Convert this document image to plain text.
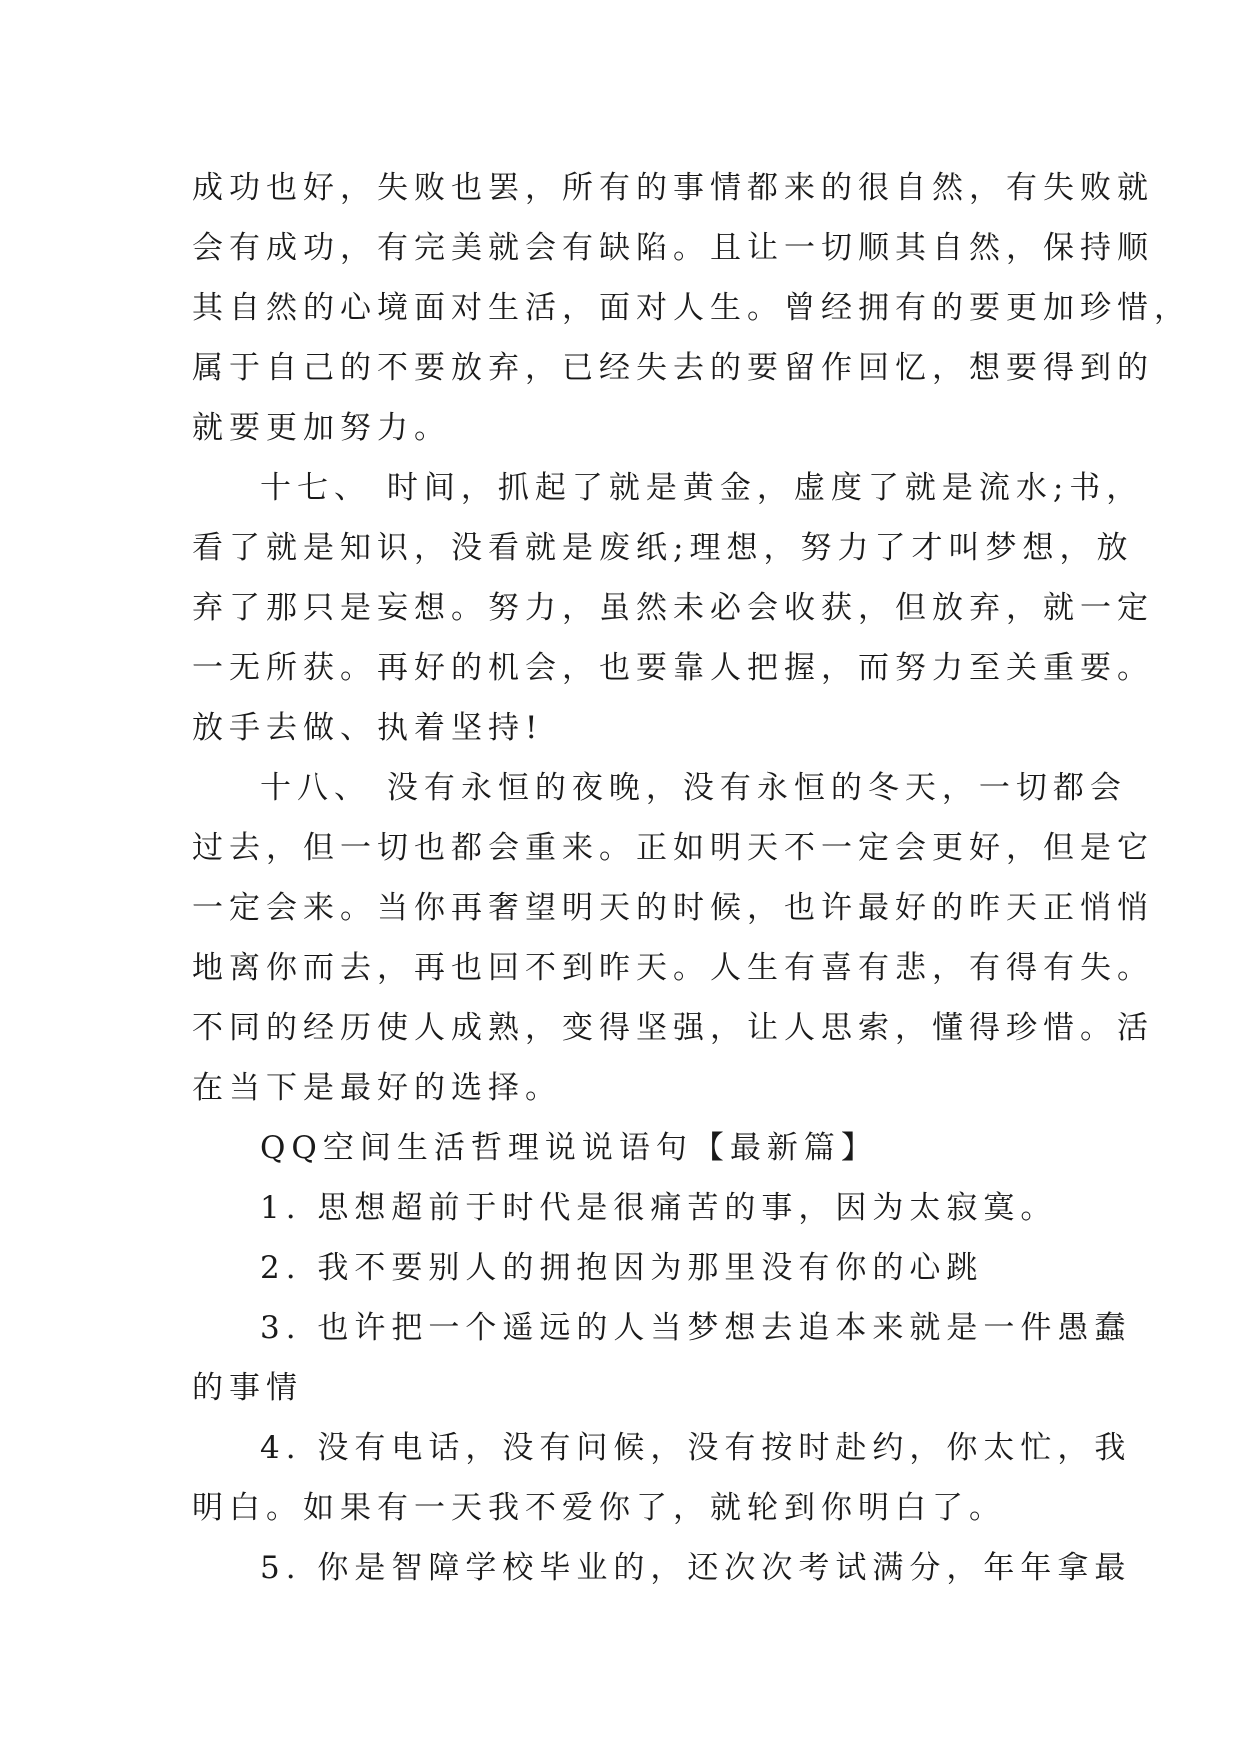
成功也好，失败也罢，所有的事情都来的很自然，有失败就
会有成功，有完美就会有缺陷。且让一切顺其自然，保持顺
其自然的心境面对生活，面对人生。曾经拥有的要更加珍惜，
属于自己的不要放弃，已经失去的要留作回忆，想要得到的
就要更加努力。
十七、 时间，抓起了就是黄金，虚度了就是流水;书，
看了就是知识，没看就是废纸;理想，努力了才叫梦想，放
弃了那只是妄想。努力，虽然未必会收获，但放弃，就一定
一无所获。再好的机会，也要靠人把握，而努力至关重要。
放手去做、执着坚持!
十八、 没有永恒的夜晚，没有永恒的冬天，一切都会
过去，但一切也都会重来。正如明天不一定会更好，但是它
一定会来。当你再奢望明天的时候，也许最好的昨天正悄悄
地离你而去，再也回不到昨天。人生有喜有悲，有得有失。
不同的经历使人成熟，变得坚强，让人思索，懂得珍惜。活
在当下是最好的选择。
QQ空间生活哲理说说语句【最新篇】
1. 思想超前于时代是很痛苦的事，因为太寂寞。
2. 我不要别人的拥抱因为那里没有你的心跳
3. 也许把一个遥远的人当梦想去追本来就是一件愚蠢
的事情
4. 没有电话，没有问候，没有按时赴约，你太忙，我
明白。如果有一天我不爱你了，就轮到你明白了。
5. 你是智障学校毕业的，还次次考试满分，年年拿最
